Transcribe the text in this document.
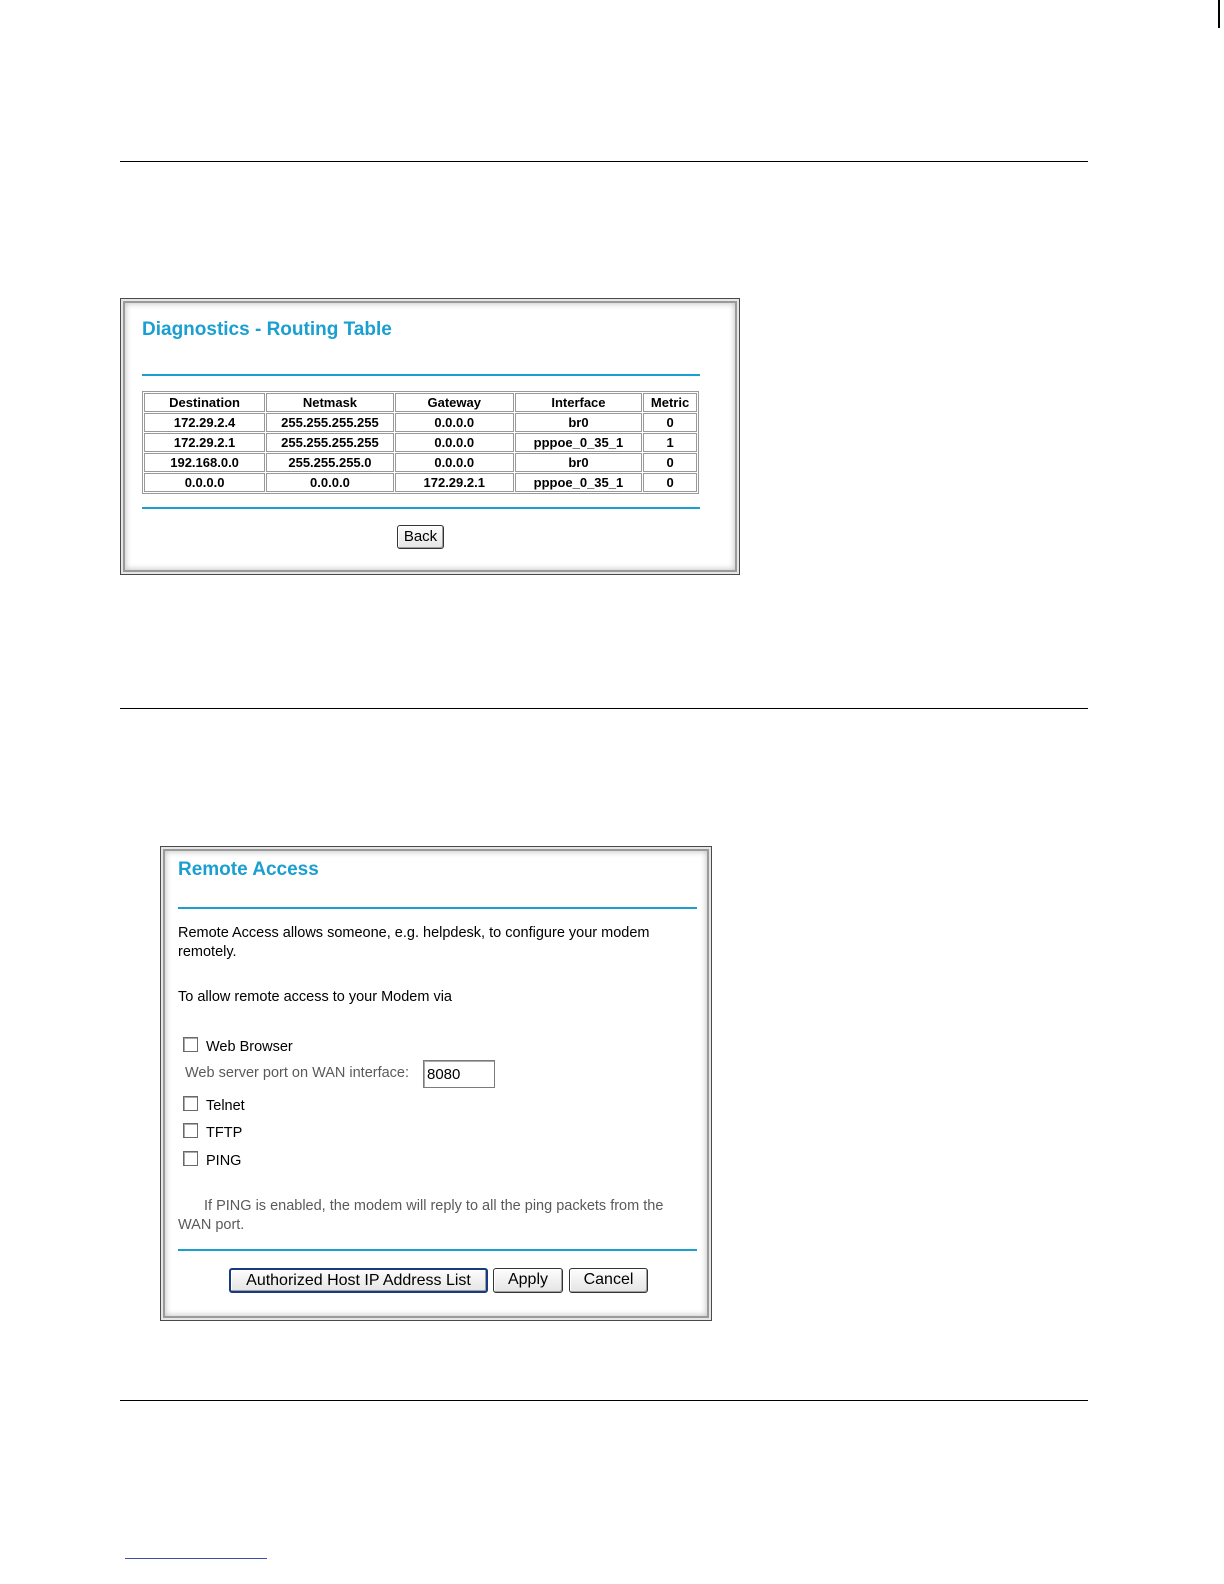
Diagnostics - Routing Table
Destination	Netmask	Gateway	Interface	Metric
172.29.2.4	255.255.255.255	0.0.0.0	br0	0
172.29.2.1	255.255.255.255	0.0.0.0	pppoe_0_35_1	1
192.168.0.0	255.255.255.0	0.0.0.0	br0	0
0.0.0.0	0.0.0.0	172.29.2.1	pppoe_0_35_1	0
Back
Remote Access
Remote Access allows someone, e.g. helpdesk, to configure your modem
remotely.
To allow remote access to your Modem via
Web Browser
Web server port on WAN interface:
8080
Telnet
TFTP
PING
If PING is enabled, the modem will reply to all the ping packets from the
WAN port.
Authorized Host IP Address List	Apply	Cancel
